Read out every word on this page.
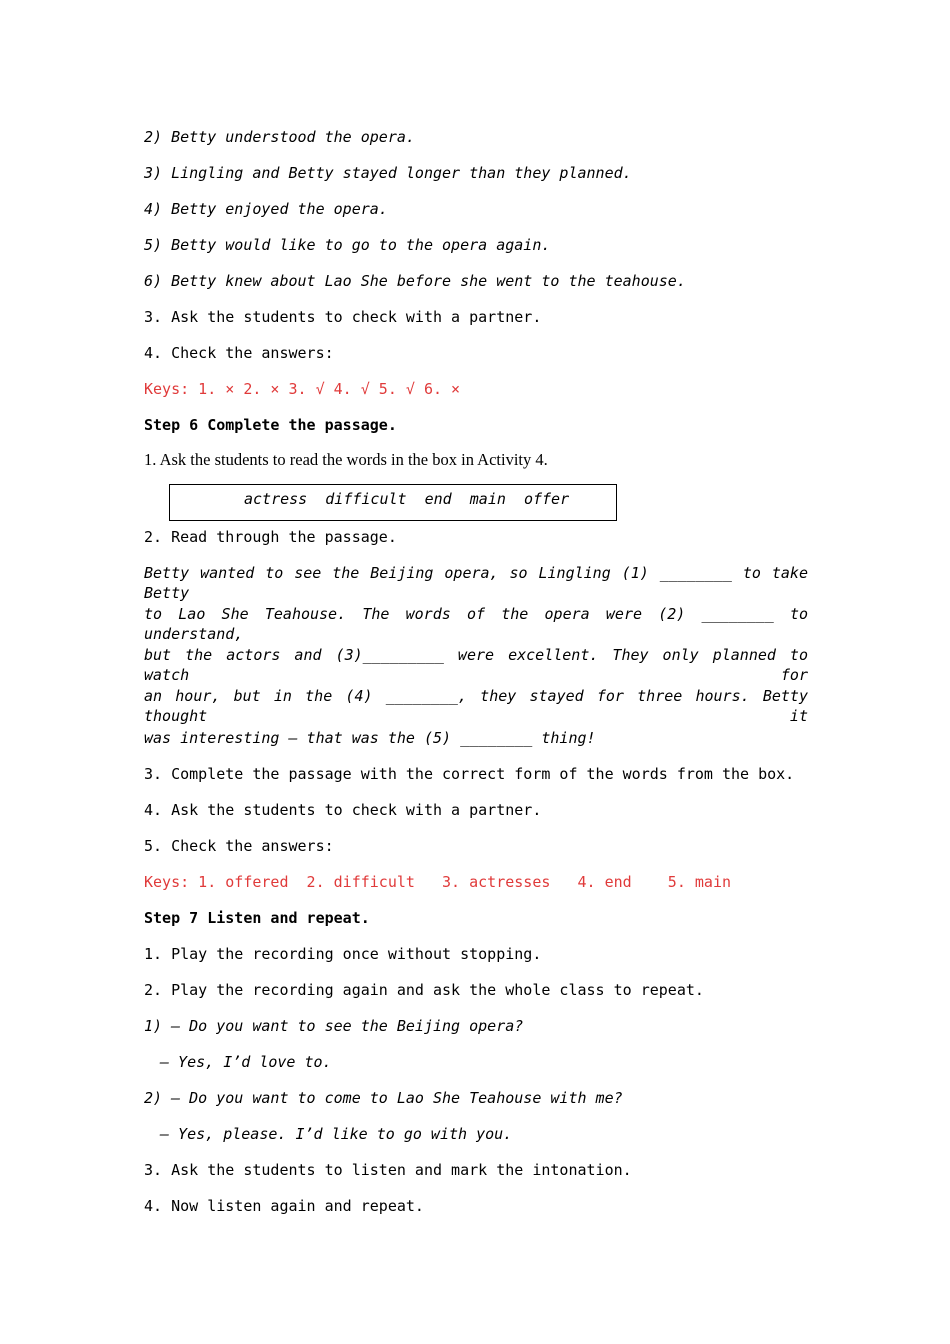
2) Betty understood the opera.

3) Lingling and Betty stayed longer than they planned.

4) Betty enjoyed the opera.

5) Betty would like to go to the opera again.

6) Betty knew about Lao She before she went to the teahouse.

3. Ask the students to check with a partner.

4. Check the answers:

Keys: 1. × 2. × 3. √ 4. √ 5. √ 6. ×

Step 6 Complete the passage.

1. Ask the students to read the words in the box in Activity 4.

actress  difficult  end  main  offer

2. Read through the passage.

Betty wanted to see the Beijing opera, so Lingling (1) ________ to take Betty

to Lao She Teahouse. The words of the opera were (2) ________ to understand,

but the actors and (3)_________ were excellent. They only planned to watch for

an hour, but in the (4) ________, they stayed for three hours. Betty thought it

was interesting — that was the (5) ________ thing!

3. Complete the passage with the correct form of the words from the box.

4. Ask the students to check with a partner.

5. Check the answers:

Keys: 1. offered  2. difficult   3. actresses   4. end    5. main

Step 7 Listen and repeat.

1. Play the recording once without stopping.

2. Play the recording again and ask the whole class to repeat.

1) — Do you want to see the Beijing opera?

— Yes, I’d love to.

2) — Do you want to come to Lao She Teahouse with me?

— Yes, please. I’d like to go with you.

3. Ask the students to listen and mark the intonation.

4. Now listen again and repeat.
